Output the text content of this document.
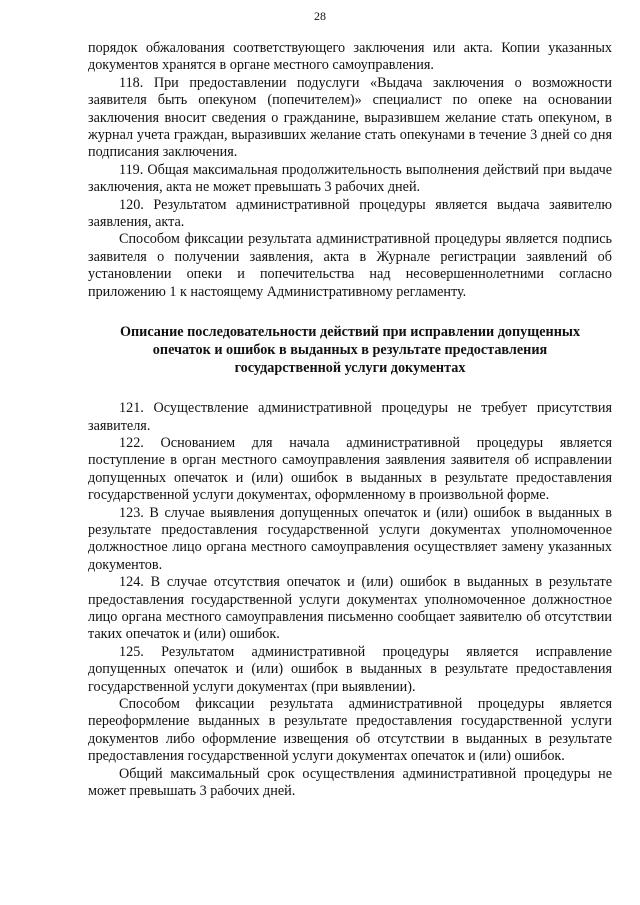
28

порядок обжалования соответствующего заключения или акта. Копии указанных документов хранятся в органе местного самоуправления.

118. При предоставлении подуслуги «Выдача заключения о возможности заявителя быть опекуном (попечителем)» специалист по опеке на основании заключения вносит сведения о гражданине, выразившем желание стать опекуном, в журнал учета граждан, выразивших желание стать опекунами в течение 3 дней со дня подписания заключения.

119. Общая максимальная продолжительность выполнения действий при выдаче заключения, акта не может превышать 3 рабочих дней.

120. Результатом административной процедуры является выдача заявителю заявления, акта.

Способом фиксации результата административной процедуры является подпись заявителя о получении заявления, акта в Журнале регистрации заявлений об установлении опеки и попечительства над несовершеннолетними согласно приложению 1 к настоящему Административному регламенту.

Описание последовательности действий при исправлении допущенных
опечаток и ошибок в выданных в результате предоставления
государственной услуги документах

121. Осуществление административной процедуры не требует присутствия заявителя.

122. Основанием для начала административной процедуры является поступление в орган местного самоуправления заявления заявителя об исправлении допущенных опечаток и (или) ошибок в выданных в результате предоставления государственной услуги документах, оформленному в произвольной форме.

123. В случае выявления допущенных опечаток и (или) ошибок в выданных в результате предоставления государственной услуги документах уполномоченное должностное лицо органа местного самоуправления осуществляет замену указанных документов.

124. В случае отсутствия опечаток и (или) ошибок в выданных в результате предоставления государственной услуги документах уполномоченное должностное лицо органа местного самоуправления письменно сообщает заявителю об отсутствии таких опечаток и (или) ошибок.

125. Результатом административной процедуры является исправление допущенных опечаток и (или) ошибок в выданных в результате предоставления государственной услуги документах (при выявлении).

Способом фиксации результата административной процедуры является переоформление выданных в результате предоставления государственной услуги документов либо оформление извещения об отсутствии в выданных в результате предоставления государственной услуги документах опечаток и (или) ошибок.

Общий максимальный срок осуществления административной процедуры не может превышать 3 рабочих дней.
